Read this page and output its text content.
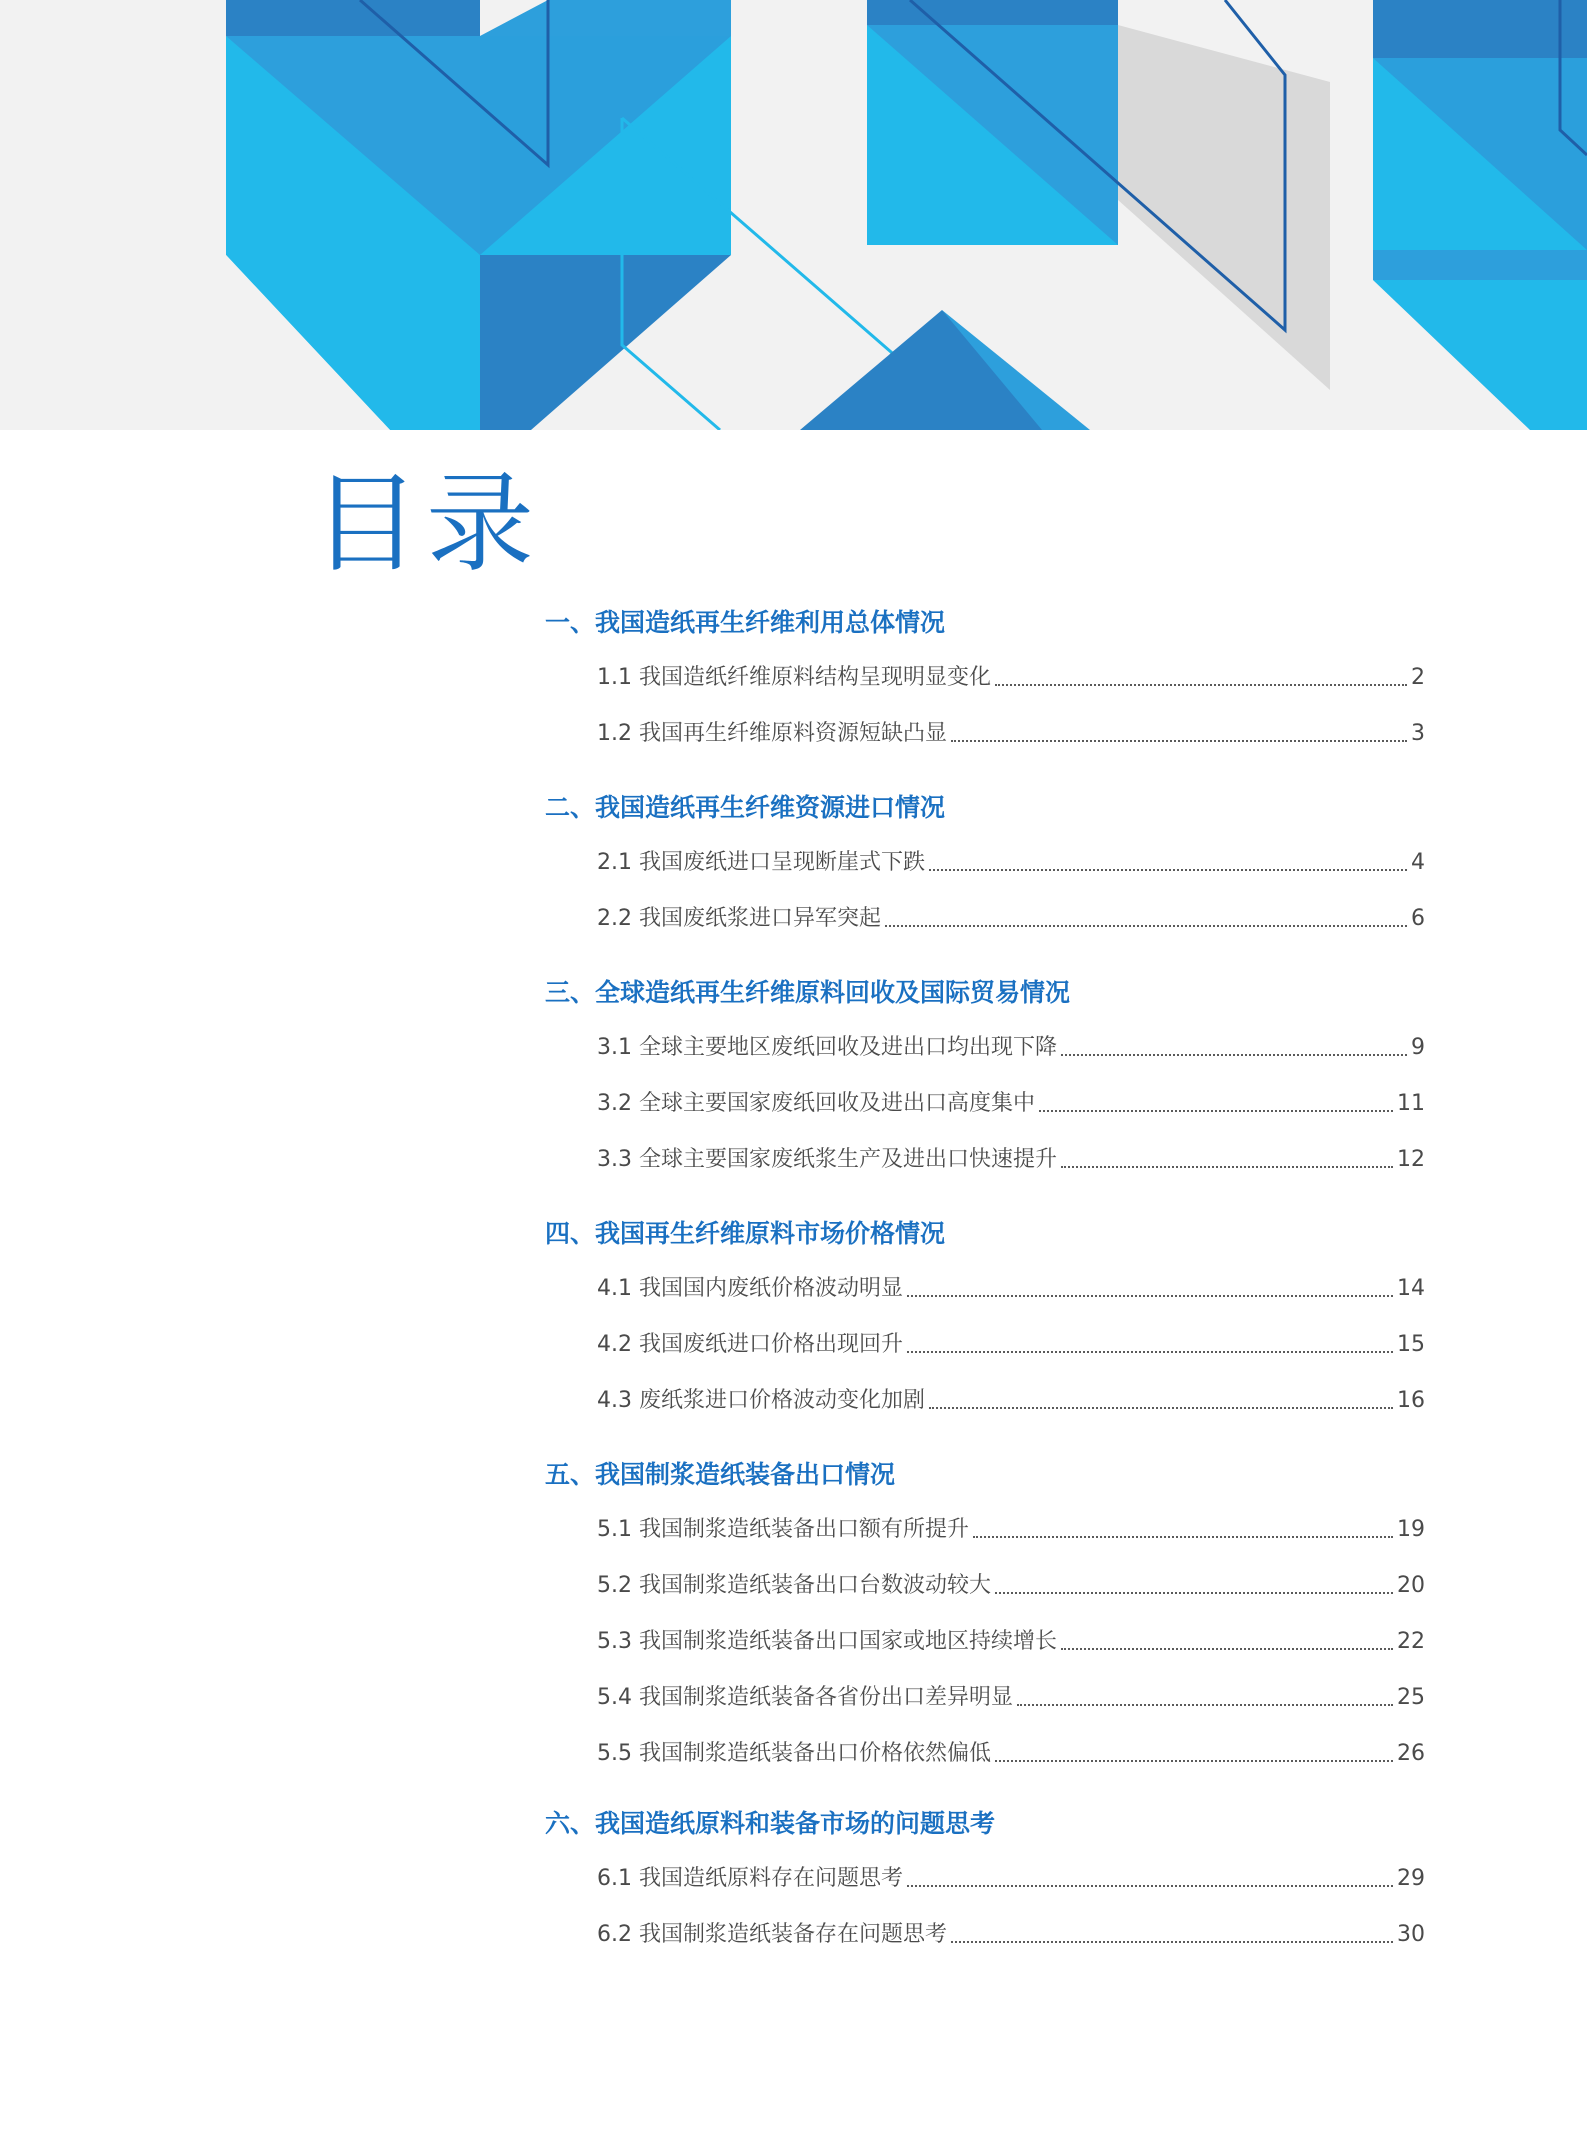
目录
一、我国造纸再生纤维利用总体情况
1.1 我国造纸纤维原料结构呈现明显变化	2
1.2 我国再生纤维原料资源短缺凸显	3
二、我国造纸再生纤维资源进口情况
2.1 我国废纸进口呈现断崖式下跌	4
2.2 我国废纸浆进口异军突起	6
三、全球造纸再生纤维原料回收及国际贸易情况
3.1 全球主要地区废纸回收及进出口均出现下降	9
3.2 全球主要国家废纸回收及进出口高度集中	11
3.3 全球主要国家废纸浆生产及进出口快速提升	12
四、我国再生纤维原料市场价格情况
4.1 我国国内废纸价格波动明显	14
4.2 我国废纸进口价格出现回升	15
4.3 废纸浆进口价格波动变化加剧	16
五、我国制浆造纸装备出口情况
5.1 我国制浆造纸装备出口额有所提升	19
5.2 我国制浆造纸装备出口台数波动较大	20
5.3 我国制浆造纸装备出口国家或地区持续增长	22
5.4 我国制浆造纸装备各省份出口差异明显	25
5.5 我国制浆造纸装备出口价格依然偏低	26
六、我国造纸原料和装备市场的问题思考
6.1 我国造纸原料存在问题思考	29
6.2 我国制浆造纸装备存在问题思考	30
